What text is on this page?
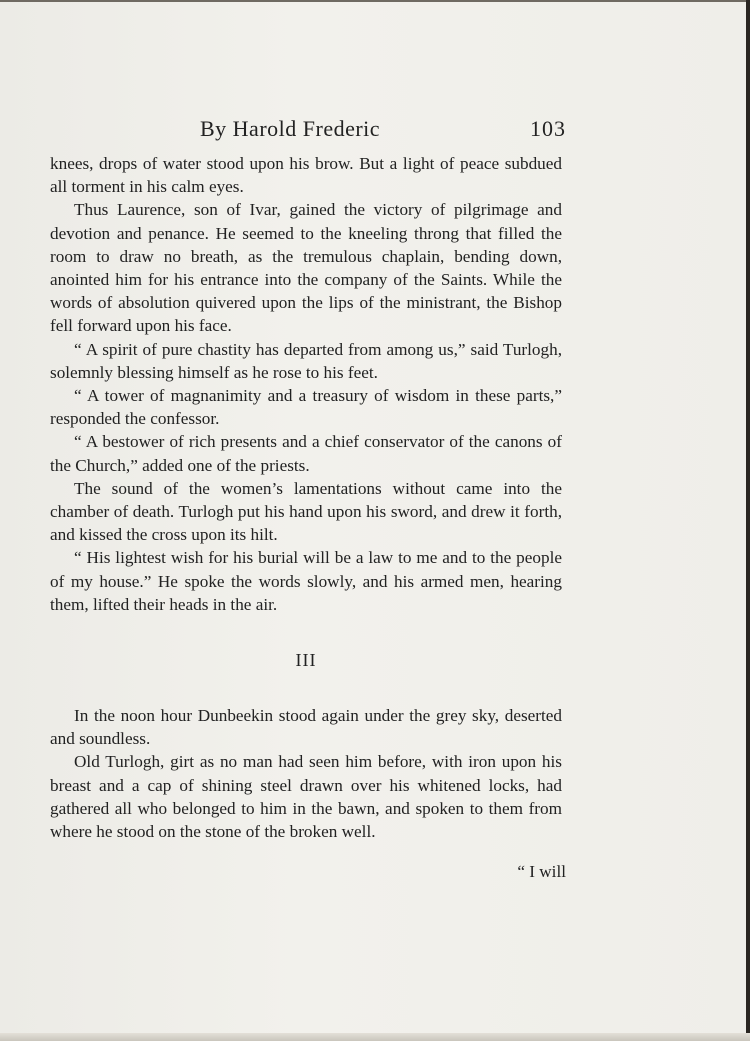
By Harold Frederic	103

knees, drops of water stood upon his brow. But a light of peace subdued all torment in his calm eyes.

Thus Laurence, son of Ivar, gained the victory of pilgrimage and devotion and penance. He seemed to the kneeling throng that filled the room to draw no breath, as the tremulous chaplain, bending down, anointed him for his entrance into the company of the Saints. While the words of absolution quivered upon the lips of the ministrant, the Bishop fell forward upon his face.

“ A spirit of pure chastity has departed from among us,” said Turlogh, solemnly blessing himself as he rose to his feet.

“ A tower of magnanimity and a treasury of wisdom in these parts,” responded the confessor.

“ A bestower of rich presents and a chief conservator of the canons of the Church,” added one of the priests.

The sound of the women’s lamentations without came into the chamber of death. Turlogh put his hand upon his sword, and drew it forth, and kissed the cross upon its hilt.

“ His lightest wish for his burial will be a law to me and to the people of my house.” He spoke the words slowly, and his armed men, hearing them, lifted their heads in the air.

III

In the noon hour Dunbeekin stood again under the grey sky, deserted and soundless.

Old Turlogh, girt as no man had seen him before, with iron upon his breast and a cap of shining steel drawn over his whitened locks, had gathered all who belonged to him in the bawn, and spoken to them from where he stood on the stone of the broken well.

“ I will
